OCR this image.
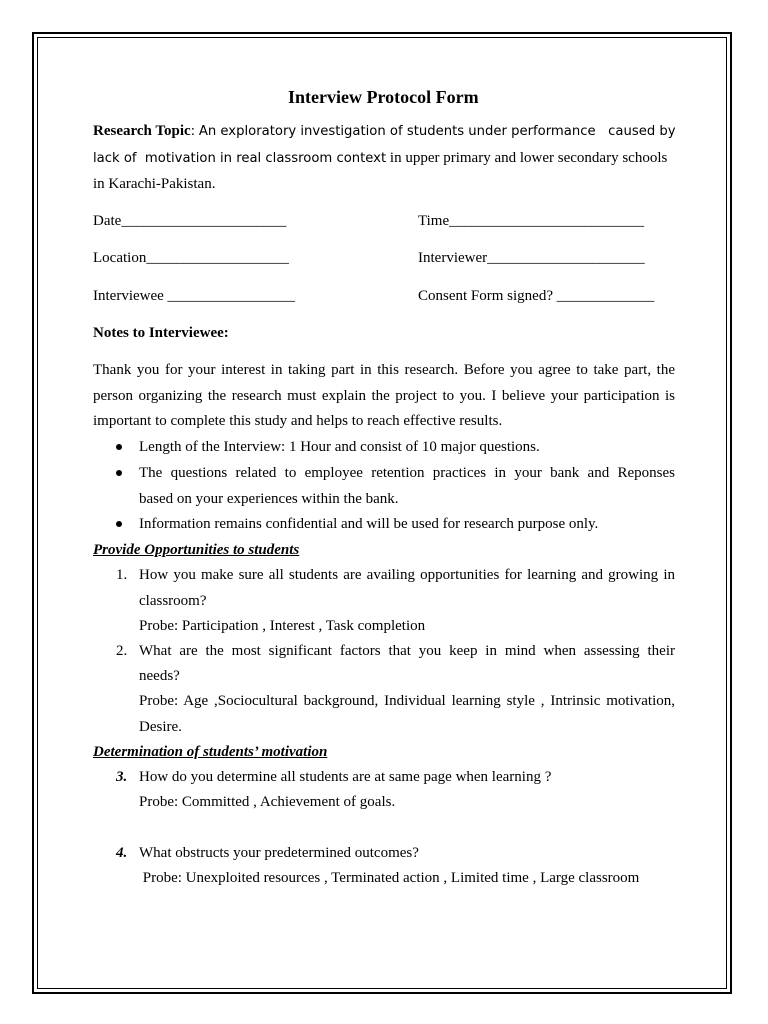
Interview Protocol Form
Research Topic: An exploratory investigation of students under performance   caused by
lack of  motivation in real classroom context in upper primary and lower secondary schools
in Karachi-Pakistan.
Date______________________	Time__________________________
Location___________________	Interviewer_____________________
Interviewee _________________	Consent Form signed? _____________
Notes to Interviewee:
Thank you for your interest in taking part in this research. Before you agree to take part, the
person organizing the research must explain the project to you. I believe your participation is
important to complete this study and helps to reach effective results.
Length of the Interview: 1 Hour and consist of 10 major questions.
The questions related to employee retention practices in your bank and Reponses
based on your experiences within the bank.
Information remains confidential and will be used for research purpose only.
Provide Opportunities to students
1. How you make sure all students are availing opportunities for learning and growing in
classroom?
Probe: Participation , Interest , Task completion
2. What are the most significant factors that you keep in mind when assessing their
needs?
Probe: Age ,Sociocultural background, Individual learning style , Intrinsic motivation,
Desire.
Determination of students’ motivation
3. How do you determine all students are at same page when learning ?
Probe: Committed , Achievement of goals.
4. What obstructs your predetermined outcomes?
Probe: Unexploited resources , Terminated action , Limited time , Large classroom
